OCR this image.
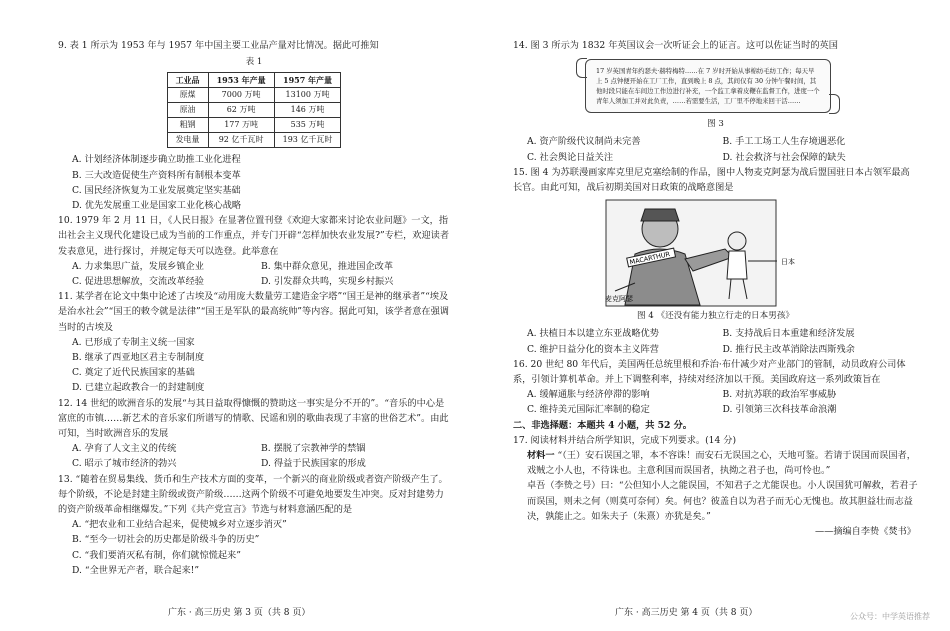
9. 表 1 所示为 1953 年与 1957 年中国主要工业品产量对比情况。据此可推知

表 1
工业品	1953 年产量	1957 年产量
原煤	7000 万吨	13100 万吨
原油	62 万吨	146 万吨
粗钢	177 万吨	535 万吨
发电量	92 亿千瓦时	193 亿千瓦时

A. 计划经济体制逐步确立助推工业化进程

B. 三大改造促使生产资料所有制根本变革

C. 国民经济恢复为工业发展奠定坚实基础

D. 优先发展重工业是国家工业化核心战略

10. 1979 年 2 月 11 日，《人民日报》在显著位置刊登《欢迎大家都来讨论农业问题》一文，指出社会主义现代化建设已成为当前的工作重点，并专门开辟“怎样加快农业发展?”专栏，欢迎读者发表意见，进行探讨，并规定每天可以选登。此举意在

A. 力求集思广益，发展乡镇企业	B. 集中群众意见，推进国企改革
C. 促进思想解放，交流改革经验	D. 引发群众共鸣，实现乡村振兴

11. 某学者在论文中集中论述了古埃及“动用庞大数量劳工建造金字塔”“国王是神的继承者”“埃及是治水社会”“国王的敕令就是法律”“国王是军队的最高统帅”等内容。据此可知，该学者意在强调当时的古埃及

A. 已形成了专制主义统一国家

B. 继承了西亚地区君主专制制度

C. 奠定了近代民族国家的基础

D. 已建立起政教合一的封建制度

12. 14 世纪的欧洲音乐的发展“与其日益取得慷慨的赞助这一事实是分不开的”。“音乐的中心是富庶的市镇……新艺术的音乐家们所谱写的情歌、民谣和别的歌曲表现了丰富的世俗艺术”。由此可知，当时欧洲音乐的发展

A. 孕育了人文主义的传统	B. 摆脱了宗教神学的禁锢
C. 昭示了城市经济的勃兴	D. 得益于民族国家的形成

13. “随着在贸易集线、货币和生产技术方面的变革，一个新兴的商业阶级或者资产阶级产生了。每个阶级，不论是封建主阶级或资产阶级……这两个阶级不可避免地要发生冲突。反对封建势力的资产阶级革命相继爆发。”下列《共产党宣言》节选与材料意涵匹配的是

A. “把农业和工业结合起来，促使城乡对立逐步消灭”

B. “至今一切社会的历史都是阶级斗争的历史”

C. “我们要消灭私有制，你们就惊慌起来”

D. “全世界无产者，联合起来!”

广东 · 高三历史 第 3 页（共 8 页）

14. 图 3 所示为 1832 年英国议会一次听证会上的证言。这可以佐证当时的英国

17 岁英国青年约瑟夫·赫特梅特……在 7 岁时开始从事棉纺毛纺工作；每天早上 5 点钟便开始在工厂工作，直到晚上 8 点，其间仅有 30 分钟午餐时间，其他时段只能在车间边工作边进行补充，一个监工拿着皮鞭在监督工作，进度一个青年人须加工并对此负责，……若需要生活，工厂里不停地来回干活……
图 3
A. 资产阶级代议制尚未完善	B. 手工工场工人生存境遇恶化
C. 社会舆论日益关注	D. 社会救济与社会保障的缺失

15. 图 4 为苏联漫画家库克里尼克塞绘制的作品，图中人物麦克阿瑟为战后盟国驻日本占领军最高长官。由此可知，战后初期美国对日政策的战略意图是

MACARTHUR	日本
麦克阿瑟
图 4 《还没有能力独立行走的日本男孩》
A. 扶植日本以建立东亚战略优势	B. 支持战后日本重建和经济发展
C. 维护日益分化的资本主义阵营	D. 推行民主改革消除法西斯残余

16. 20 世纪 80 年代后，美国两任总统里根和乔治·布什减少对产业部门的管制，动员政府公司体系，引领计算机革命。并上下调整利率，持续对经济加以干预。美国政府这一系列政策旨在

A. 缓解通胀与经济停滞的影响	B. 对抗苏联的政治军事威胁
C. 维持美元国际汇率制的稳定	D. 引领第三次科技革命浪潮

二、非选择题：本题共 4 小题，共 52 分。

17. 阅读材料并结合所学知识，完成下列要求。(14 分)

材料一 “（王）安石误国之罪，本不容诛！而安石无误国之心，天地可鉴。若请于误国而误国者，戏贼之小人也，不待诛也。主意利国而误国者，执拗之君子也，尚可怜也。”

卓吾（李贽之号）曰：“公但知小人之能误国，不知君子之尤能误也。小人误国犹可解救，若君子而误国，则未之何（则莫可奈何）矣。何也？彼盖自以为君子而无心无愧也。故其胆益壮而志益决，孰能止之。如朱夫子（朱熹）亦犹是矣。”

——摘编自李贽《焚书》

广东 · 高三历史 第 4 页（共 8 页）	公众号：中学英语推荐
